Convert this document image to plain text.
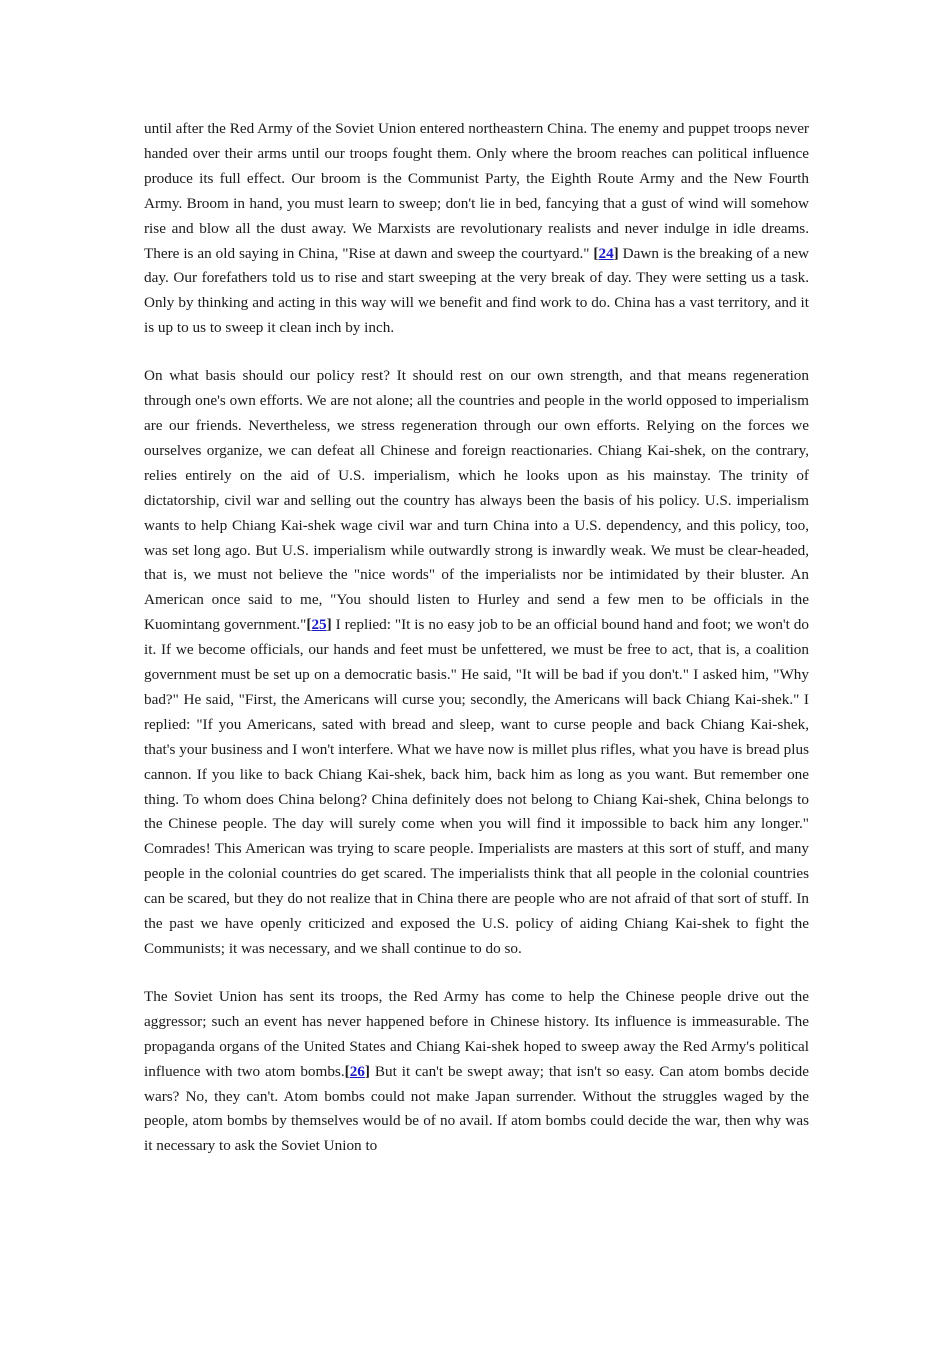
until after the Red Army of the Soviet Union entered northeastern China. The enemy and puppet troops never handed over their arms until our troops fought them. Only where the broom reaches can political influence produce its full effect. Our broom is the Communist Party, the Eighth Route Army and the New Fourth Army. Broom in hand, you must learn to sweep; don't lie in bed, fancying that a gust of wind will somehow rise and blow all the dust away. We Marxists are revolutionary realists and never indulge in idle dreams. There is an old saying in China, "Rise at dawn and sweep the courtyard." [24] Dawn is the breaking of a new day. Our forefathers told us to rise and start sweeping at the very break of day. They were setting us a task. Only by thinking and acting in this way will we benefit and find work to do. China has a vast territory, and it is up to us to sweep it clean inch by inch.

On what basis should our policy rest? It should rest on our own strength, and that means regeneration through one's own efforts. We are not alone; all the countries and people in the world opposed to imperialism are our friends. Nevertheless, we stress regeneration through our own efforts. Relying on the forces we ourselves organize, we can defeat all Chinese and foreign reactionaries. Chiang Kai-shek, on the contrary, relies entirely on the aid of U.S. imperialism, which he looks upon as his mainstay. The trinity of dictatorship, civil war and selling out the country has always been the basis of his policy. U.S. imperialism wants to help Chiang Kai-shek wage civil war and turn China into a U.S. dependency, and this policy, too, was set long ago. But U.S. imperialism while outwardly strong is inwardly weak. We must be clear-headed, that is, we must not believe the "nice words" of the imperialists nor be intimidated by their bluster. An American once said to me, "You should listen to Hurley and send a few men to be officials in the Kuomintang government."[25] I replied: "It is no easy job to be an official bound hand and foot; we won't do it. If we become officials, our hands and feet must be unfettered, we must be free to act, that is, a coalition government must be set up on a democratic basis." He said, "It will be bad if you don't." I asked him, "Why bad?" He said, "First, the Americans will curse you; secondly, the Americans will back Chiang Kai-shek." I replied: "If you Americans, sated with bread and sleep, want to curse people and back Chiang Kai-shek, that's your business and I won't interfere. What we have now is millet plus rifles, what you have is bread plus cannon. If you like to back Chiang Kai-shek, back him, back him as long as you want. But remember one thing. To whom does China belong? China definitely does not belong to Chiang Kai-shek, China belongs to the Chinese people. The day will surely come when you will find it impossible to back him any longer." Comrades! This American was trying to scare people. Imperialists are masters at this sort of stuff, and many people in the colonial countries do get scared. The imperialists think that all people in the colonial countries can be scared, but they do not realize that in China there are people who are not afraid of that sort of stuff. In the past we have openly criticized and exposed the U.S. policy of aiding Chiang Kai-shek to fight the Communists; it was necessary, and we shall continue to do so.

The Soviet Union has sent its troops, the Red Army has come to help the Chinese people drive out the aggressor; such an event has never happened before in Chinese history. Its influence is immeasurable. The propaganda organs of the United States and Chiang Kai-shek hoped to sweep away the Red Army's political influence with two atom bombs.[26] But it can't be swept away; that isn't so easy. Can atom bombs decide wars? No, they can't. Atom bombs could not make Japan surrender. Without the struggles waged by the people, atom bombs by themselves would be of no avail. If atom bombs could decide the war, then why was it necessary to ask the Soviet Union to
